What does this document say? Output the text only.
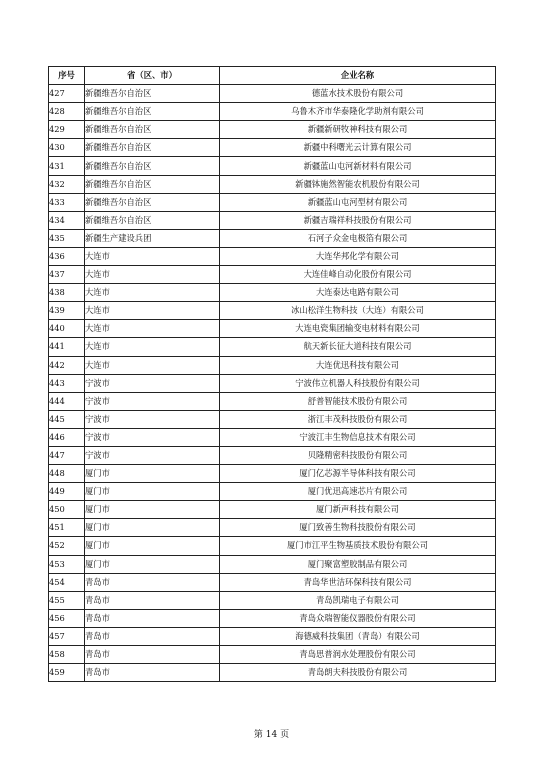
序号	省（区、市）	企业名称
427	新疆维吾尔自治区	德蓝水技术股份有限公司
428	新疆维吾尔自治区	乌鲁木齐市华泰隆化学助剂有限公司
429	新疆维吾尔自治区	新疆新研牧神科技有限公司
430	新疆维吾尔自治区	新疆中科曙光云计算有限公司
431	新疆维吾尔自治区	新疆蓝山屯河新材料有限公司
432	新疆维吾尔自治区	新疆钵施然智能农机股份有限公司
433	新疆维吾尔自治区	新疆蓝山屯河型材有限公司
434	新疆维吾尔自治区	新疆吉瑞祥科技股份有限公司
435	新疆生产建设兵团	石河子众金电极箔有限公司
436	大连市	大连华邦化学有限公司
437	大连市	大连佳峰自动化股份有限公司
438	大连市	大连泰达电路有限公司
439	大连市	冰山松洋生物科技（大连）有限公司
440	大连市	大连电瓷集团输变电材料有限公司
441	大连市	航天新长征大道科技有限公司
442	大连市	大连优迅科技有限公司
443	宁波市	宁波伟立机器人科技股份有限公司
444	宁波市	舒普智能技术股份有限公司
445	宁波市	浙江丰茂科技股份有限公司
446	宁波市	宁波江丰生物信息技术有限公司
447	宁波市	贝隆精密科技股份有限公司
448	厦门市	厦门亿芯源半导体科技有限公司
449	厦门市	厦门优迅高速芯片有限公司
450	厦门市	厦门新声科技有限公司
451	厦门市	厦门致善生物科技股份有限公司
452	厦门市	厦门市江平生物基质技术股份有限公司
453	厦门市	厦门聚富塑胶制品有限公司
454	青岛市	青岛华世洁环保科技有限公司
455	青岛市	青岛凯瑞电子有限公司
456	青岛市	青岛众瑞智能仪器股份有限公司
457	青岛市	海德威科技集团（青岛）有限公司
458	青岛市	青岛思普润水处理股份有限公司
459	青岛市	青岛朗夫科技股份有限公司
第 14 页
